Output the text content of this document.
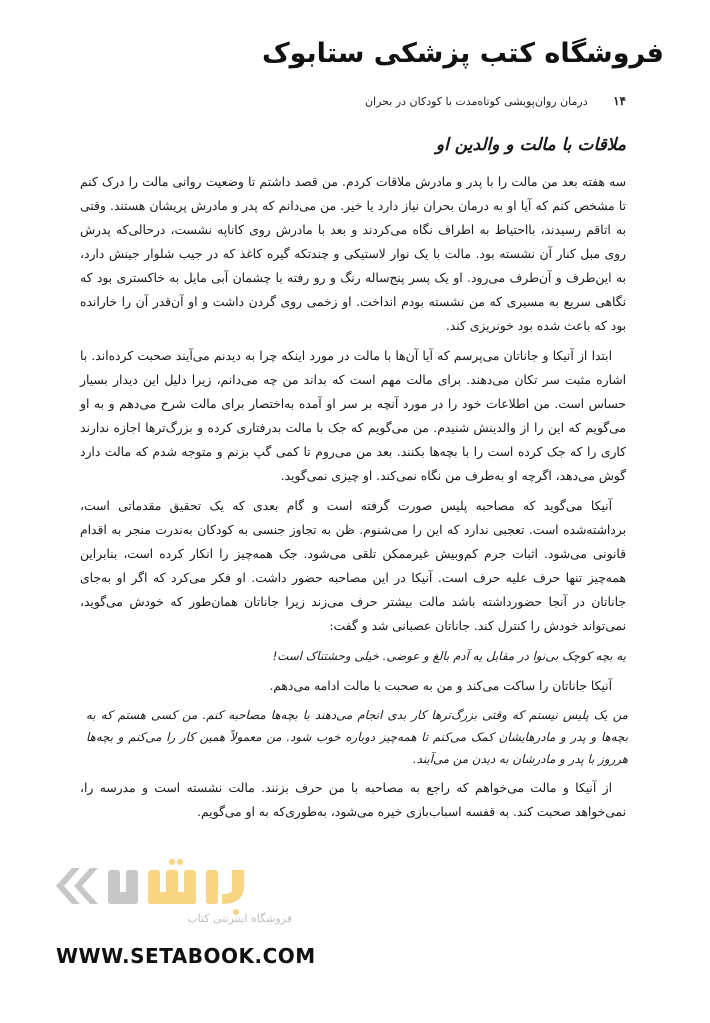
فروشگاه کتب پزشکی ستابوک
۱۴ درمان روان‌پویشی کوتاه‌مدت با کودکان در بحران
ملاقات با مالت و والدین او

سه هفته بعد من مالت را با پدر و مادرش ملاقات کردم. من قصد داشتم تا وضعیت روانی مالت را درک کنم تا مشخص کنم که آیا او به درمان بحران نیاز دارد یا خیر. من می‌دانم که پدر و مادرش پریشان هستند. وقتی به اتاقم رسیدند، بااحتیاط به اطراف نگاه می‌کردند و بعد با مادرش روی کاناپه نشست، درحالی‌که پدرش روی مبل کنار آن نشسته بود. مالت با یک نوار لاستیکی و چندتکه گیره کاغذ که در جیب شلوار جینش دارد، به این‌طرف و آن‌طرف می‌رود. او یک پسر پنج‌ساله رنگ و رو رفته با چشمان آبی مایل به خاکستری بود که نگاهی سریع به مسیری که من نشسته بودم انداخت. او زخمی روی گردن داشت و او آن‌قدر آن را خارانده بود که باعث شده بود خونریزی کند.

ابتدا از آنیکا و جاناتان می‌پرسم که آیا آن‌ها با مالت در مورد اینکه چرا به دیدنم می‌آیند صحبت کرده‌اند. با اشاره مثبت سر تکان می‌دهند. برای مالت مهم است که بداند من چه می‌دانم، زیرا دلیل این دیدار بسیار حساس است. من اطلاعات خود را در مورد آنچه بر سر او آمده به‌اختصار برای مالت شرح می‌دهم و به او می‌گویم که این را از والدینش شنیدم. من می‌گویم که جک با مالت بدرفتاری کرده و بزرگ‌ترها اجازه ندارند کاری را که جک کرده است را با بچه‌ها بکنند. بعد من می‌روم تا کمی گپ بزنم و متوجه شدم که مالت دارد گوش می‌دهد، اگرچه او به‌طرف من نگاه نمی‌کند. او چیزی نمی‌گوید.

آنیکا می‌گوید که مصاحبه پلیس صورت گرفته است و گام بعدی که یک تحقیق مقدماتی است، برداشته‌شده است. تعجبی ندارد که این را می‌شنوم. ظن به تجاوز جنسی به کودکان به‌ندرت منجر به اقدام قانونی می‌شود. اثبات جرم کم‌وبیش غیرممکن تلقی می‌شود. جک همه‌چیز را انکار کرده است، بنابراین همه‌چیز تنها حرف علیه حرف است. آنیکا در این مصاحبه حضور داشت. او فکر می‌کرد که اگر او به‌جای جاناتان در آنجا حضورداشته باشد مالت بیشتر حرف می‌زند زیرا جاناتان همان‌طور که خودش می‌گوید، نمی‌تواند خودش را کنترل کند. جاناتان عصبانی شد و گفت:

یه بچه کوچک بی‌نوا در مقابل یه آدم بالغ و عوضی. خیلی وحشتناک است!

آنیکا جاناتان را ساکت می‌کند و من به صحبت با مالت ادامه می‌دهم.

من یک پلیس نیستم که وقتی بزرگ‌ترها کار بدی انجام می‌دهند با بچه‌ها مصاحبه کنم. من کسی هستم که به بچه‌ها و پدر و مادرهایشان کمک می‌کنم تا همه‌چیز دوباره خوب شود. من معمولاً همین کار را می‌کنم و بچه‌ها هرروز با پدر و مادرشان به دیدن من می‌آیند.

از آنیکا و مالت می‌خواهم که راجع به مصاحبه با من حرف بزنند. مالت نشسته است و مدرسه را، نمی‌خواهد صحبت کند. به قفسه اسباب‌بازی خیره می‌شود، به‌طوری‌که به او می‌گویم.

فروشگاه اینترنتی کتاب
WWW.SETABOOK.COM
